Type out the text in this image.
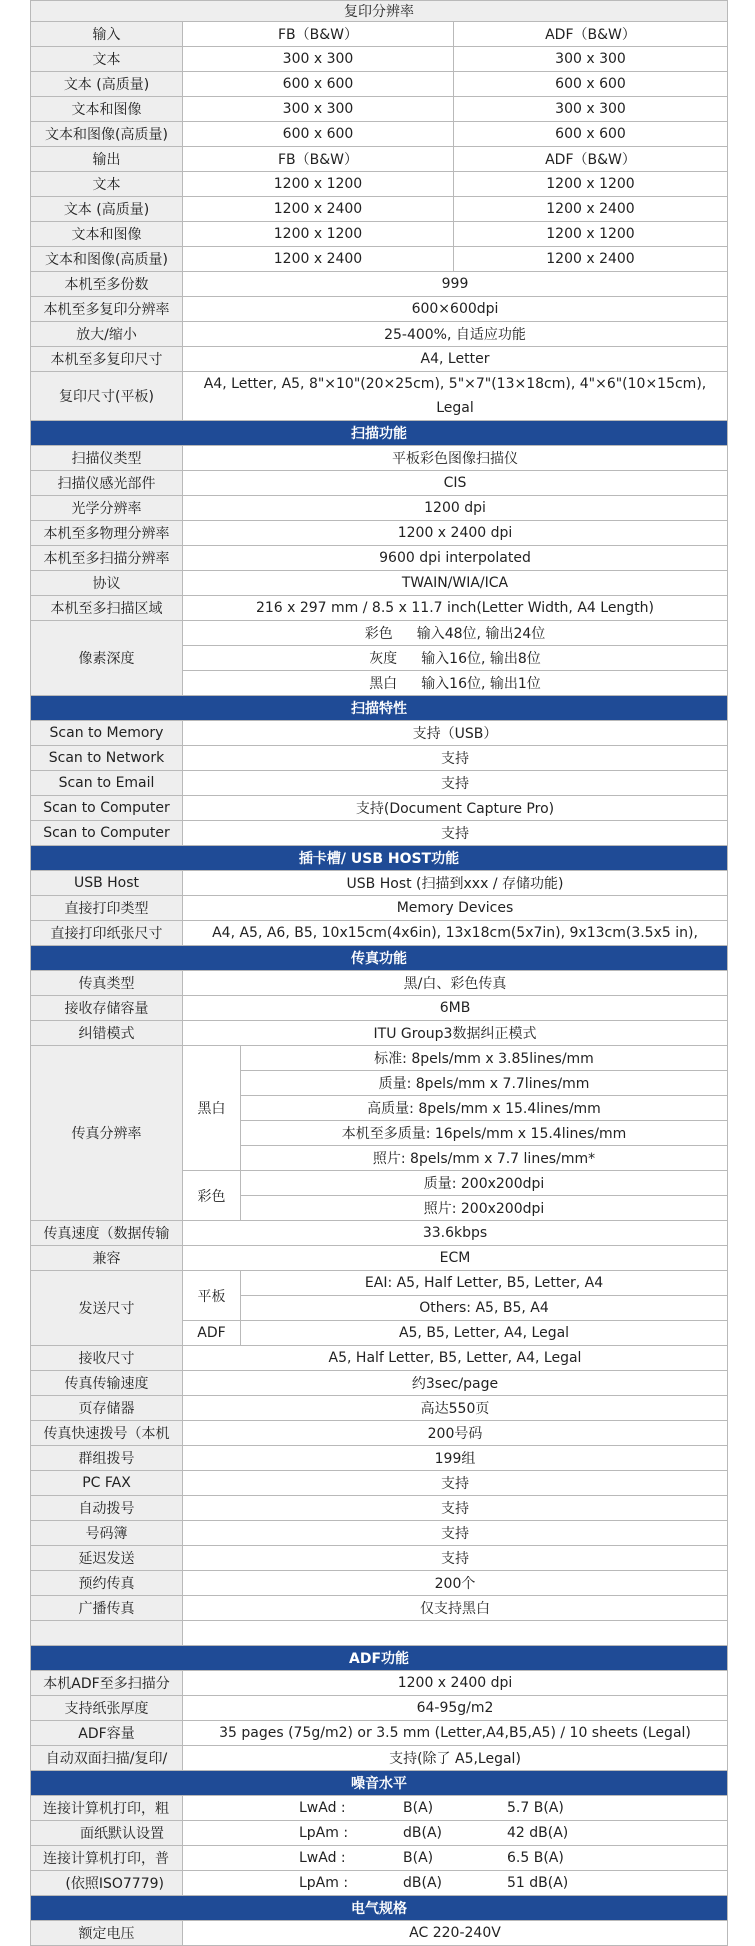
复印分辨率			
输入	FB（B&W）		ADF（B&W）
文本	300 x 300		300 x 300
文本 (高质量)	600 x 600		600 x 600
文本和图像	300 x 300		300 x 300
文本和图像(高质量)	600 x 600		600 x 600
输出	FB（B&W）		ADF（B&W）
文本	1200 x 1200		1200 x 1200
文本 (高质量)	1200 x 2400		1200 x 2400
文本和图像	1200 x 1200		1200 x 1200
文本和图像(高质量)	1200 x 2400		1200 x 2400
本机至多份数	999		
本机至多复印分辨率	600×600dpi		
放大/缩小	25-400%, 自适应功能		
本机至多复印尺寸	A4, Letter		
复印尺寸(平板)	A4, Letter, A5, 8"×10"(20×25cm), 5"×7"(13×18cm), 4"×6"(10×15cm), Legal		
扫描功能			
扫描仪类型	平板彩色图像扫描仪		
扫描仪感光部件	CIS		
光学分辨率	1200 dpi		
本机至多物理分辨率	1200 x 2400 dpi		
本机至多扫描分辨率	9600 dpi interpolated		
协议	TWAIN/WIA/ICA		
本机至多扫描区域	216 x 297 mm / 8.5 x 11.7 inch(Letter Width, A4 Length)		
像素深度	彩色 输入48位, 输出24位		
	灰度 输入16位, 输出8位		
	黑白 输入16位, 输出1位		
扫描特性			
Scan to Memory	支持（USB）		
Scan to Network	支持		
Scan to Email	支持		
Scan to Computer	支持(Document Capture Pro)		
Scan to Computer	支持		
插卡槽/ USB HOST功能			
USB Host	USB Host (扫描到xxx / 存储功能)		
直接打印类型	Memory Devices		
直接打印纸张尺寸	A4, A5, A6, B5, 10x15cm(4x6in), 13x18cm(5x7in), 9x13cm(3.5x5 in),		
传真功能			
传真类型	黑/白、彩色传真		
接收存储容量	6MB		
纠错模式	ITU Group3数据纠正模式		
传真分辨率	黑白	标准: 8pels/mm x 3.85lines/mm	
		质量: 8pels/mm x 7.7lines/mm	
		高质量: 8pels/mm x 15.4lines/mm	
		本机至多质量: 16pels/mm x 15.4lines/mm	
		照片: 8pels/mm x 7.7 lines/mm*	
	彩色	质量: 200x200dpi	
		照片: 200x200dpi	
传真速度（数据传输	33.6kbps		
兼容	ECM		
发送尺寸	平板	EAI: A5, Half Letter, B5, Letter, A4	
		Others: A5, B5, A4	
	ADF	A5, B5, Letter, A4, Legal	
接收尺寸	A5, Half Letter, B5, Letter, A4, Legal		
传真传输速度	约3sec/page		
页存储器	高达550页		
传真快速拨号（本机	200号码		
群组拨号	199组		
PC FAX	支持		
自动拨号	支持		
号码簿	支持		
延迟发送	支持		
预约传真	200个		
广播传真	仅支持黑白		

ADF功能			
本机ADF至多扫描分	1200 x 2400 dpi		
支持纸张厚度	64-95g/m2		
ADF容量	35 pages (75g/m2) or 3.5 mm (Letter,A4,B5,A5) / 10 sheets (Legal)		
自动双面扫描/复印/	支持(除了 A5,Legal)		
噪音水平			
连接计算机打印，粗	LwAd : B(A) 5.7 B(A)		
面纸默认设置	LpAm : dB(A) 42 dB(A)		
连接计算机打印，普	LwAd : B(A) 6.5 B(A)		
(依照ISO7779)	LpAm : dB(A) 51 dB(A)		
电气规格			
额定电压	AC 220-240V		
